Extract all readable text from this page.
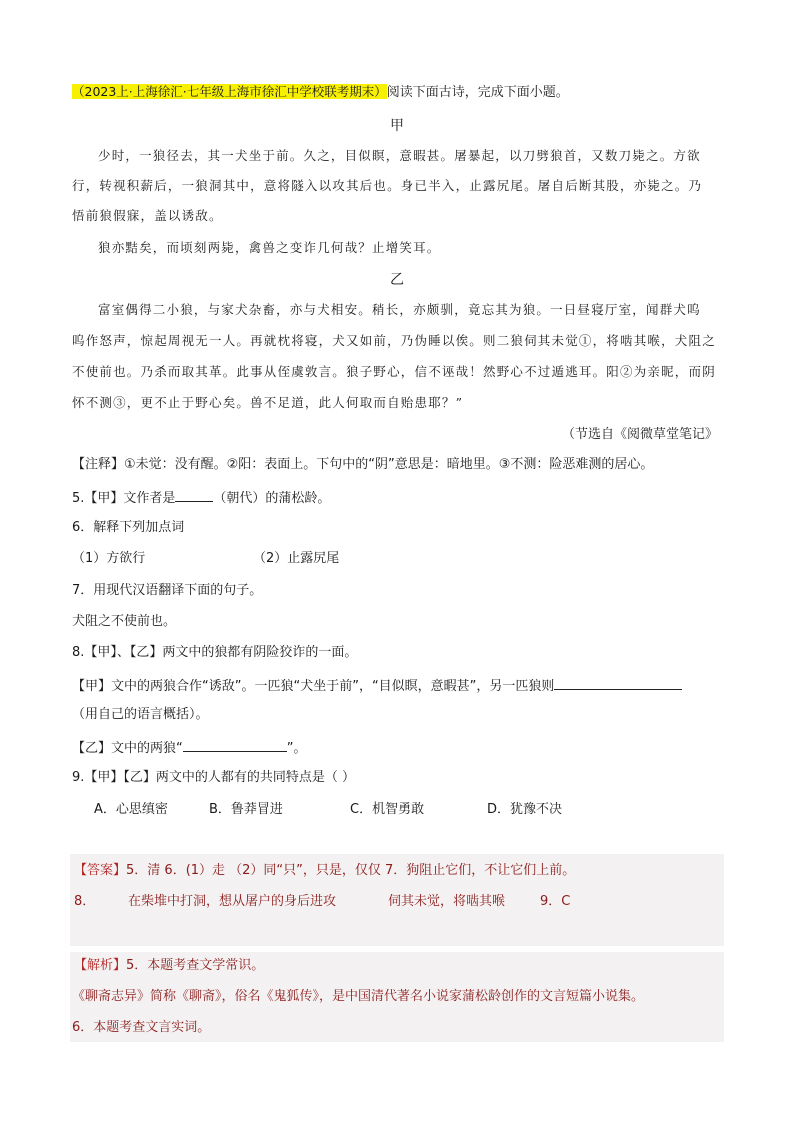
（2023上·上海徐汇·七年级上海市徐汇中学校联考期末）阅读下面古诗，完成下面小题。
甲
少时，一狼径去，其一犬坐于前。久之，目似瞑，意暇甚。屠暴起，以刀劈狼首，又数刀毙之。方欲
行，转视积薪后，一狼洞其中，意将隧入以攻其后也。身已半入，止露尻尾。屠自后断其股，亦毙之。乃
悟前狼假寐，盖以诱敌。
狼亦黠矣，而顷刻两毙，禽兽之变诈几何哉？止增笑耳。
乙
富室偶得二小狼，与家犬杂畜，亦与犬相安。稍长，亦颇驯，竟忘其为狼。一日昼寝厅室，闻群犬呜
呜作怒声，惊起周视无一人。再就枕将寝，犬又如前，乃伪睡以俟。则二狼伺其未觉①，将啮其喉，犬阻之
不使前也。乃杀而取其革。此事从侄虞敦言。狼子野心，信不诬哉！然野心不过遁逃耳。阳②为亲昵，而阴
怀不测③，更不止于野心矣。兽不足道，此人何取而自贻患耶？”
（节选自《阅微草堂笔记》
【注释】①未觉：没有醒。②阳：表面上。下句中的“阴”意思是：暗地里。③不测：险恶难测的居心。
5.【甲】文作者是	（朝代）的蒲松龄。
6．解释下列加点词
（1）方欲行	（2）止露尻尾
7．用现代汉语翻译下面的句子。
犬阻之不使前也。
8.【甲】、【乙】两文中的狼都有阴险狡诈的一面。
【甲】文中的两狼合作“诱敌”。一匹狼“犬坐于前”，“目似瞑，意暇甚”，另一匹狼则
（用自己的语言概括）。
【乙】文中的两狼“	”。
9.【甲】【乙】两文中的人都有的共同特点是（ ）
A．心思缜密	B．鲁莽冒进	C．机智勇敢	D．犹豫不决
【答案】5．清 6．(1）走 （2）同“只”，只是，仅仅 7．狗阻止它们，不让它们上前。
8．	在柴堆中打洞，想从屠户的身后进攻	伺其未觉，将啮其喉	9．C
【解析】5．本题考查文学常识。
《聊斋志异》简称《聊斋》，俗名《鬼狐传》，是中国清代著名小说家蒲松龄创作的文言短篇小说集。
6．本题考查文言实词。
